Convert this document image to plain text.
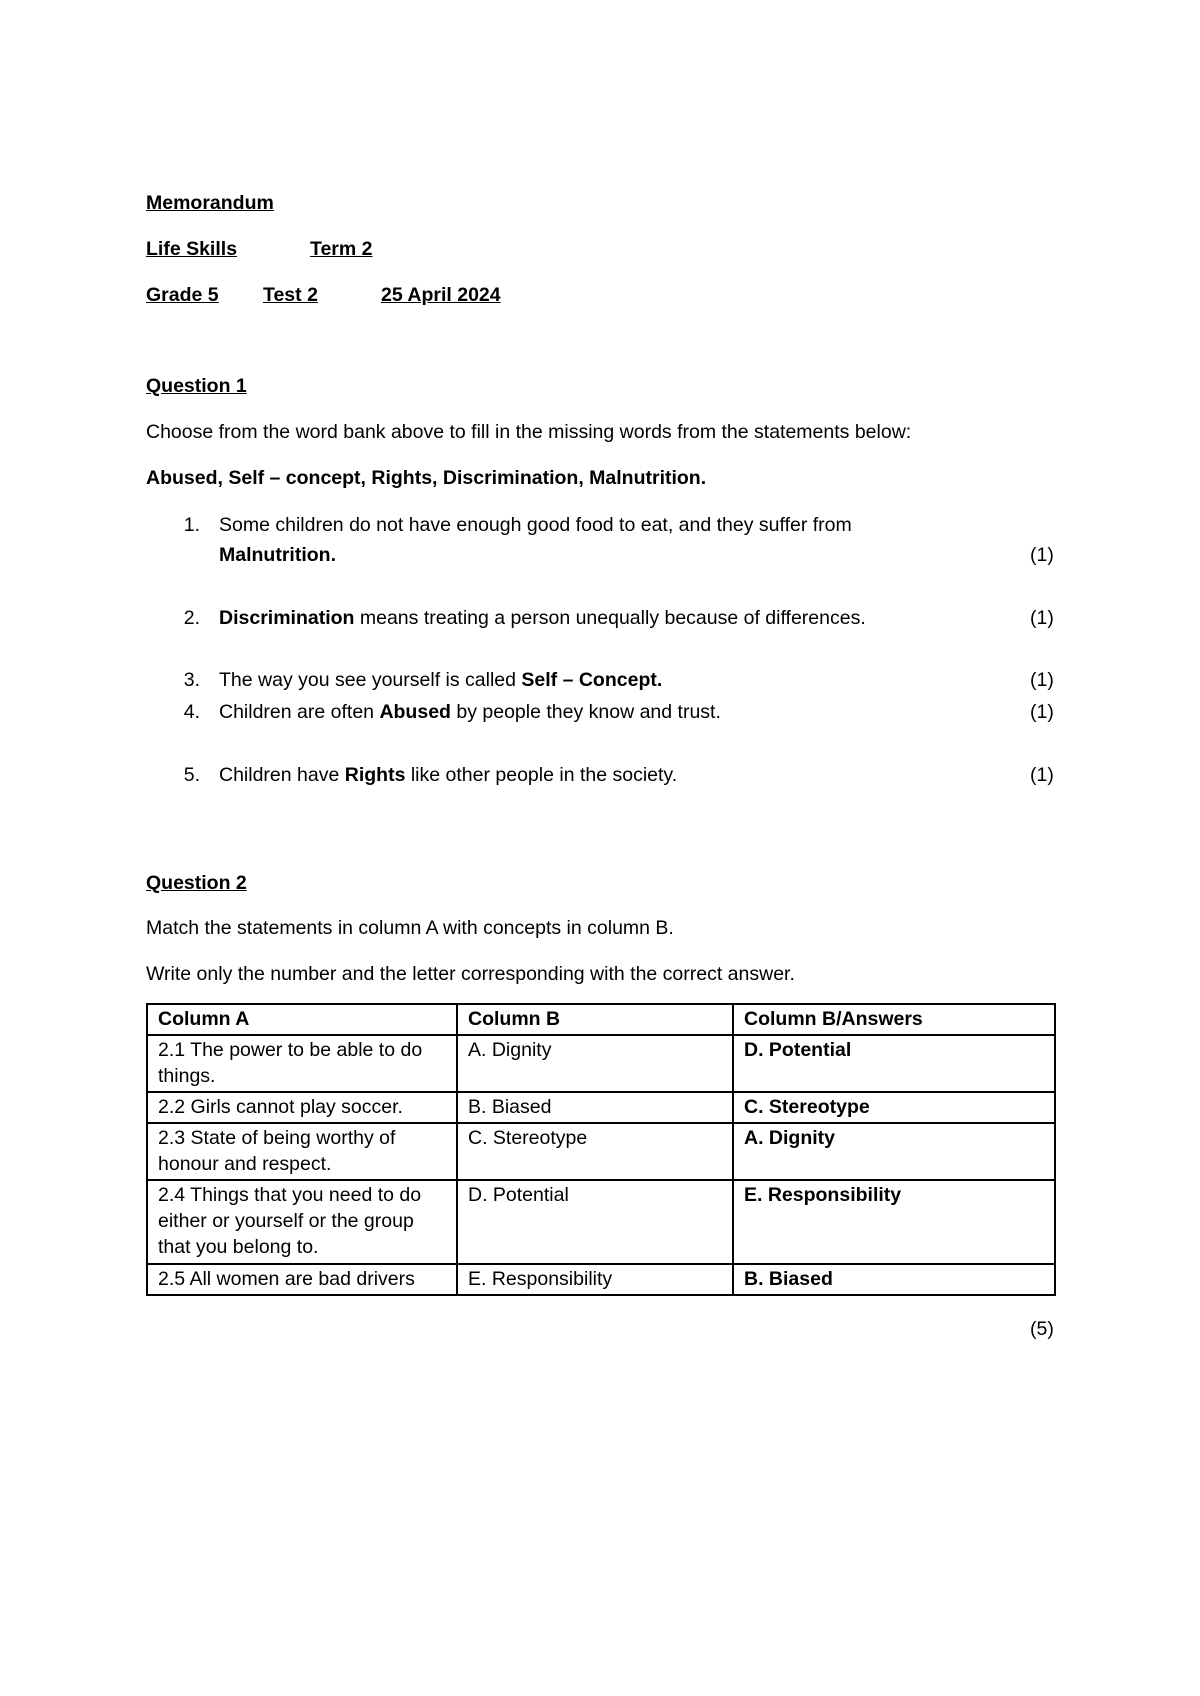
Memorandum
Life Skills	Term 2
Grade 5 Test 2	25 April 2024
Question 1
Choose from the word bank above to fill in the missing words from the statements below:
Abused, Self – concept, Rights, Discrimination, Malnutrition.
1. Some children do not have enough good food to eat, and they suffer from
Malnutrition.	(1)
2. Discrimination means treating a person unequally because of differences.	(1)
3. The way you see yourself is called Self – Concept.	(1)
4. Children are often Abused by people they know and trust.	(1)
5. Children have Rights like other people in the society.	(1)
Question 2
Match the statements in column A with concepts in column B.
Write only the number and the letter corresponding with the correct answer.
Column A	Column B	Column B/Answers
2.1 The power to be able to do things.	A. Dignity	D. Potential
2.2 Girls cannot play soccer.	B. Biased	C. Stereotype
2.3 State of being worthy of honour and respect.	C. Stereotype	A. Dignity
2.4 Things that you need to do either or yourself or the group that you belong to.	D. Potential	E. Responsibility
2.5 All women are bad drivers	E. Responsibility	B. Biased
(5)
